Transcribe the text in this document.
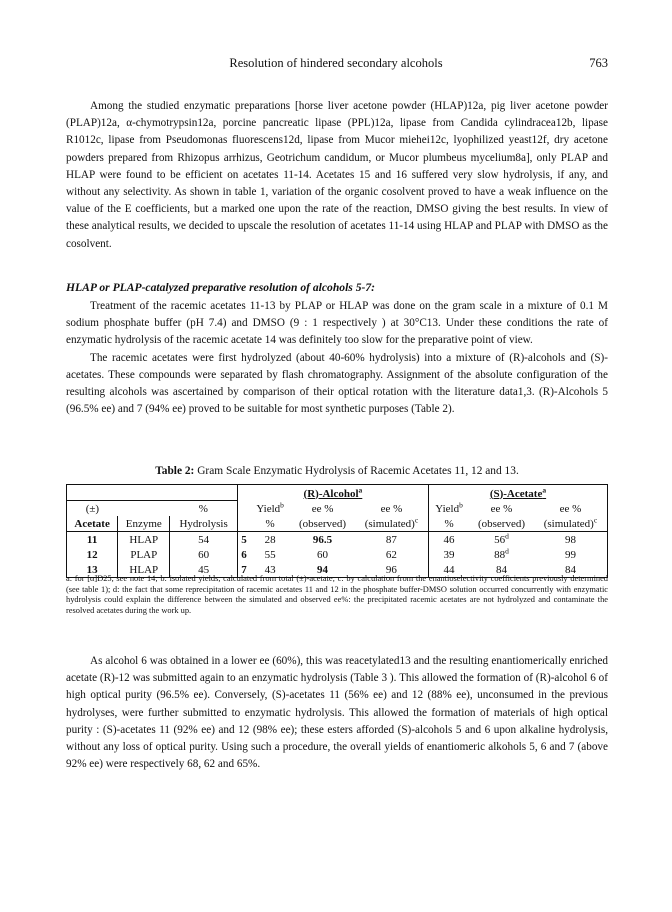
Resolution of hindered secondary alcohols	763

Among the studied enzymatic preparations [horse liver acetone powder (HLAP)12a, pig liver acetone powder (PLAP)12a, α-chymotrypsin12a, porcine pancreatic lipase (PPL)12a, lipase from Candida cylindracea12b, lipase R1012c, lipase from Pseudomonas fluorescens12d, lipase from Mucor miehei12c, lyophilized yeast12f, dry acetone powders prepared from Rhizopus arrhizus, Geotrichum candidum, or Mucor plumbeus mycelium8a], only PLAP and HLAP were found to be efficient on acetates 11-14. Acetates 15 and 16 suffered very slow hydrolysis, if any, and without any selectivity. As shown in table 1, variation of the organic cosolvent proved to have a weak influence on the value of the E coefficients, but a marked one upon the rate of the reaction, DMSO giving the best results. In view of these analytical results, we decided to upscale the resolution of acetates 11-14 using HLAP and PLAP with DMSO as the cosolvent.

HLAP or PLAP-catalyzed preparative resolution of alcohols 5-7:

Treatment of the racemic acetates 11-13 by PLAP or HLAP was done on the gram scale in a mixture of 0.1 M sodium phosphate buffer (pH 7.4) and DMSO (9 : 1 respectively ) at 30°C13. Under these conditions the rate of enzymatic hydrolysis of the racemic acetate 14 was definitely too slow for the preparative point of view.

The racemic acetates were first hydrolyzed (about 40-60% hydrolysis) into a mixture of (R)-alcohols and (S)-acetates. These compounds were separated by flash chromatography. Assignment of the absolute configuration of the resulting alcohols was ascertained by comparison of their optical rotation with the literature data1,3. (R)-Alcohols 5 (96.5% ee) and 7 (94% ee) proved to be suitable for most synthetic purposes (Table 2).

Table 2: Gram Scale Enzymatic Hydrolysis of Racemic Acetates 11, 12 and 13.
			(R)-Alcohol$^a$				(S)-Acetate$^a$
(±)		%		Yield$^b$	ee %	ee %	Yield$^b$	ee %	ee %
Acetate	Enzyme	Hydrolysis		%	(observed)	(simulated)$^c$	%	(observed)	(simulated)$^c$
11	HLAP	54	5	28	96.5	87	46	56$^d$	98
12	PLAP	60	6	55	60	62	39	88$^d$	99
13	HLAP	45	7	43	94	96	44	84	84
a: for [α]D25, see note 14; b: isolated yields, calculated from total (±)-acetate; c: by calculation from the enantioselectivity coefficients previously determined (see table 1); d: the fact that some reprecipitation of racemic acetates 11 and 12 in the phosphate buffer-DMSO solution occurred concurrently with enzymatic hydrolysis could explain the difference between the simulated and observed ee%: the precipitated racemic acetates are not hydrolyzed and contaminate the resolved acetates during the work up.

As alcohol 6 was obtained in a lower ee (60%), this was reacetylated13 and the resulting enantiomerically enriched acetate (R)-12 was submitted again to an enzymatic hydrolysis (Table 3 ). This allowed the formation of (R)-alcohol 6 of high optical purity (96.5% ee). Conversely, (S)-acetates 11 (56% ee) and 12 (88% ee), unconsumed in the previous hydrolyses, were further submitted to enzymatic hydrolysis. This allowed the formation of materials of high optical purity : (S)-acetates 11 (92% ee) and 12 (98% ee); these esters afforded (S)-alcohols 5 and 6 upon alkaline hydrolysis, without any loss of optical purity. Using such a procedure, the overall yields of enantiomeric alkohols 5, 6 and 7 (above 92% ee) were respectively 68, 62 and 65%.
